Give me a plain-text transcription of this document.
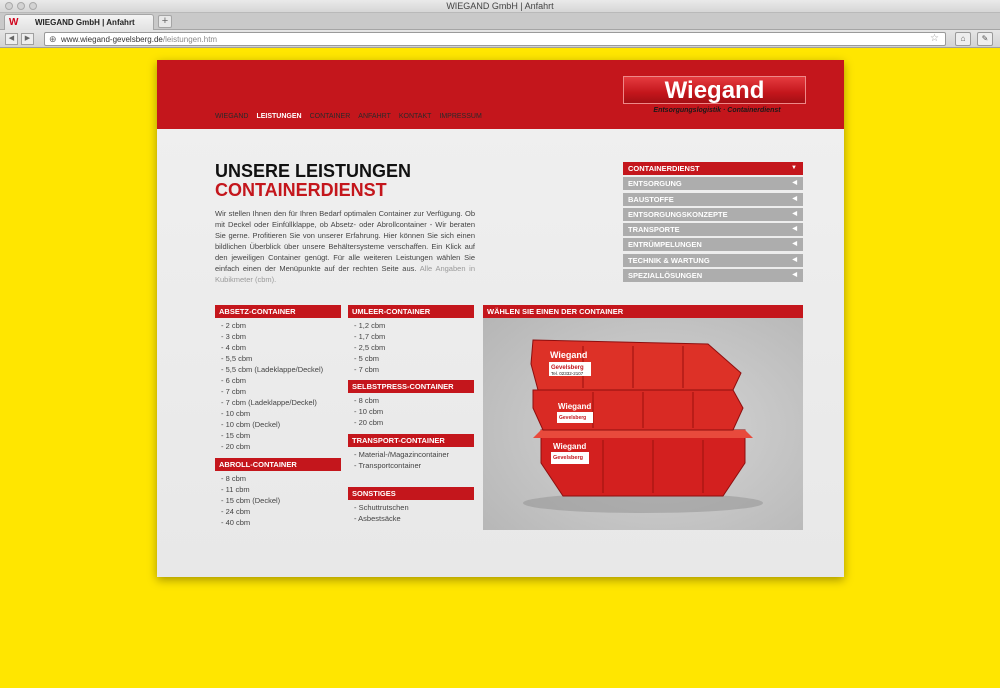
WIEGAND GmbH | Anfahrt
W WIEGAND GmbH | Anfahrt	+
◀	▶	⊕ www.wiegand-gevelsberg.de/leistungen.htm	☆	⌂	✎
Wiegand
Entsorgungslogistik · Containerdienst
WIEGAND LEISTUNGEN CONTAINER ANFAHRT KONTAKT IMPRESSUM
UNSERE LEISTUNGEN
CONTAINERDIENST
Wir stellen Ihnen den für Ihren Bedarf optimalen Container zur Verfügung. Ob mit Deckel oder Einfüllklappe, ob Absetz- oder Abrollcontainer - Wir beraten Sie gerne. Profitieren Sie von unserer Erfahrung. Hier können Sie sich einen bildlichen Überblick über unsere Behältersysteme verschaffen. Ein Klick auf den jeweiligen Container genügt. Für alle weiteren Leistungen wählen Sie einfach einen der Menüpunkte auf der rechten Seite aus. Alle Angaben in Kubikmeter (cbm).
CONTAINERDIENST	▼
ENTSORGUNG	◀
BAUSTOFFE	◀
ENTSORGUNGSKONZEPTE	◀
TRANSPORTE	◀
ENTRÜMPELUNGEN	◀
TECHNIK & WARTUNG	◀
SPEZIALLÖSUNGEN	◀
ABSETZ-CONTAINER
- 2 cbm
- 3 cbm
- 4 cbm
- 5,5 cbm
- 5,5 cbm (Ladeklappe/Deckel)
- 6 cbm
- 7 cbm
- 7 cbm (Ladeklappe/Deckel)
- 10 cbm
- 10 cbm (Deckel)
- 15 cbm
- 20 cbm
ABROLL-CONTAINER
- 8 cbm
- 11 cbm
- 15 cbm (Deckel)
- 24 cbm
- 40 cbm
UMLEER-CONTAINER
- 1,2 cbm
- 1,7 cbm
- 2,5 cbm
- 5 cbm
- 7 cbm
SELBSTPRESS-CONTAINER
- 8 cbm
- 10 cbm
- 20 cbm
TRANSPORT-CONTAINER
- Material-/Magazincontainer
- Transportcontainer
SONSTIGES
- Schuttrutschen
- Asbestsäcke
WÄHLEN SIE EINEN DER CONTAINER
Wiegand
Gevelsberg
Tel. 02332-2107
Wiegand
Gevelsberg
Wiegand
Gevelsberg
